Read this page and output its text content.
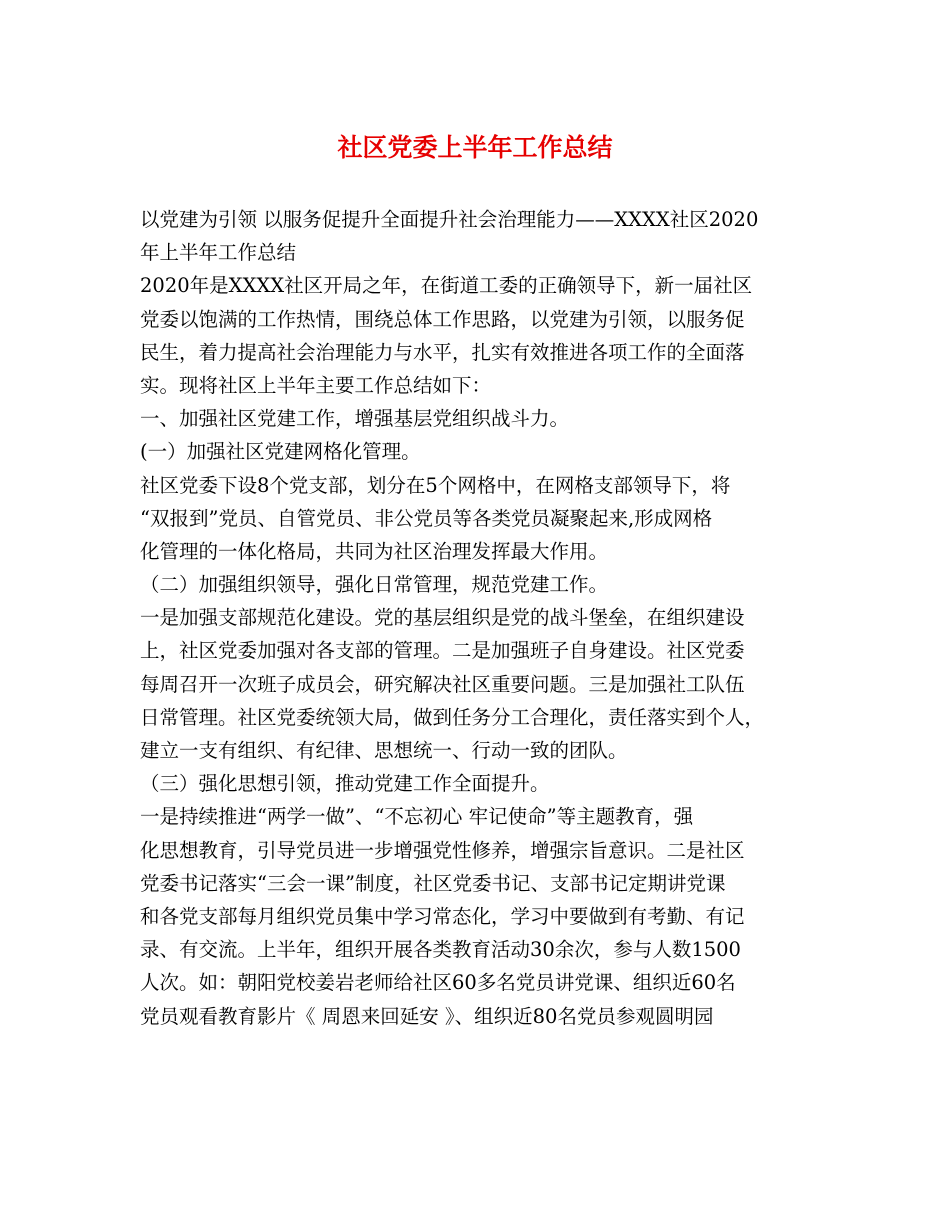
社区党委上半年工作总结
以党建为引领 以服务促提升全面提升社会治理能力——XXXX社区2020
年上半年工作总结
2020年是XXXX社区开局之年，在街道工委的正确领导下，新一届社区
党委以饱满的工作热情，围绕总体工作思路，以党建为引领，以服务促
民生，着力提高社会治理能力与水平，扎实有效推进各项工作的全面落
实。现将社区上半年主要工作总结如下：
一、加强社区党建工作，增强基层党组织战斗力。
(一）加强社区党建网格化管理。
社区党委下设8个党支部，划分在5个网格中，在网格支部领导下，将
“双报到”党员、自管党员、非公党员等各类党员凝聚起来,形成网格
化管理的一体化格局，共同为社区治理发挥最大作用。
（二）加强组织领导，强化日常管理，规范党建工作。
一是加强支部规范化建设。党的基层组织是党的战斗堡垒，在组织建设
上，社区党委加强对各支部的管理。二是加强班子自身建设。社区党委
每周召开一次班子成员会，研究解决社区重要问题。三是加强社工队伍
日常管理。社区党委统领大局，做到任务分工合理化，责任落实到个人，
建立一支有组织、有纪律、思想统一、行动一致的团队。
（三）强化思想引领，推动党建工作全面提升。
一是持续推进“两学一做”、“不忘初心 牢记使命”等主题教育，强
化思想教育，引导党员进一步增强党性修养，增强宗旨意识。二是社区
党委书记落实“三会一课”制度，社区党委书记、支部书记定期讲党课
和各党支部每月组织党员集中学习常态化，学习中要做到有考勤、有记
录、有交流。上半年，组织开展各类教育活动30余次，参与人数1500
人次。如：朝阳党校姜岩老师给社区60多名党员讲党课、组织近60名
党员观看教育影片《 周恩来回延安 》、组织近80名党员参观圆明园
